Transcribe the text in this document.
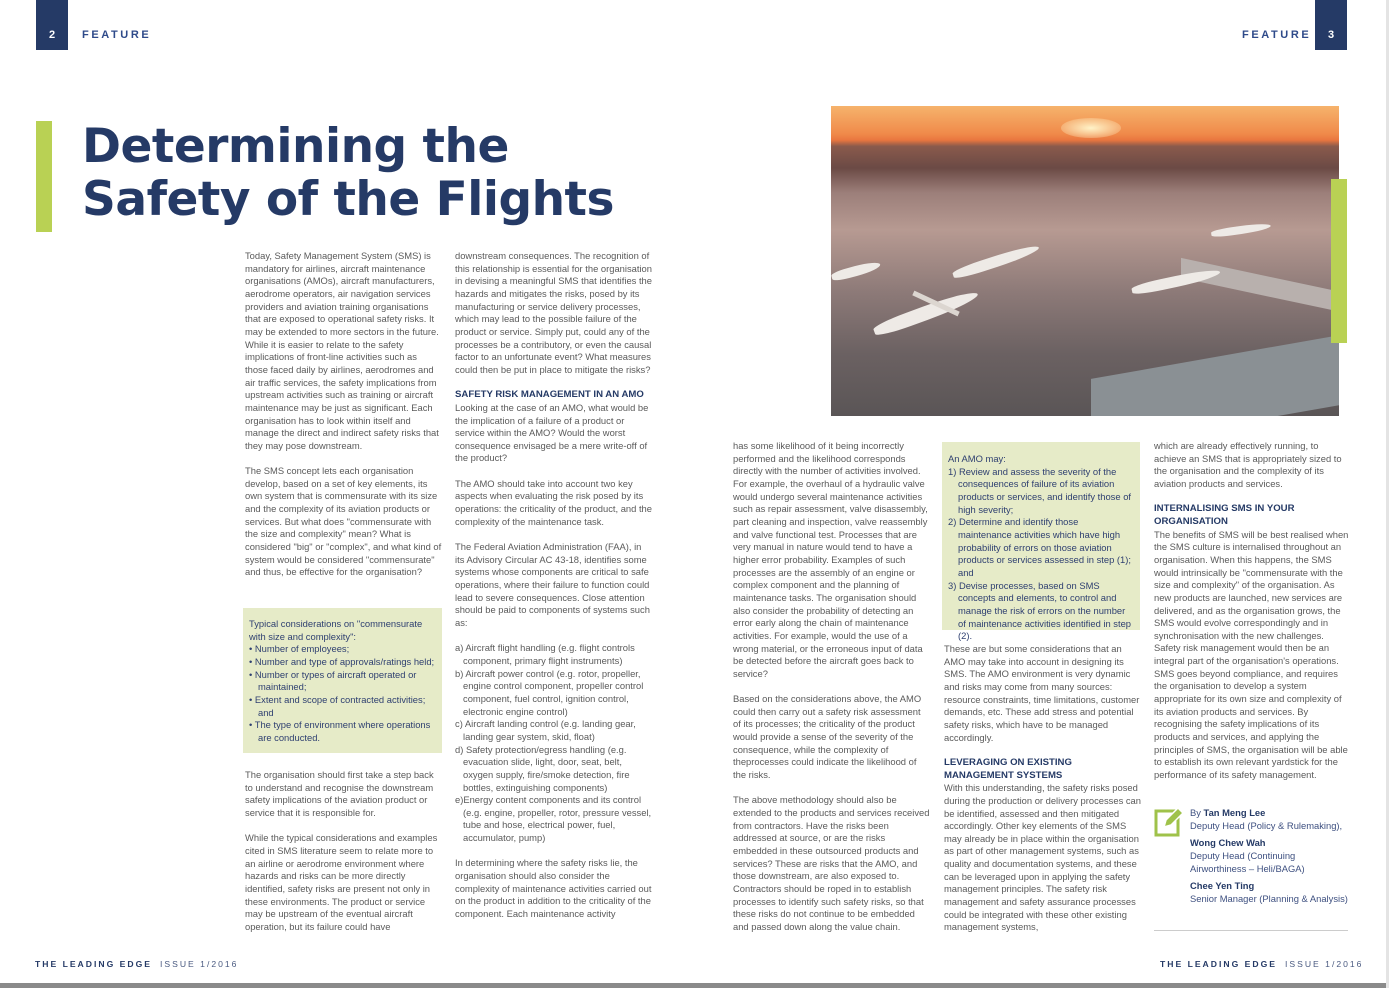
2	FEATURE	FEATURE	3
Determining the
Safety of the Flights

Today, Safety Management System (SMS) is mandatory for airlines, aircraft maintenance organisations (AMOs), aircraft manufacturers, aerodrome operators, air navigation services providers and aviation training organisations that are exposed to operational safety risks. It may be extended to more sectors in the future. While it is easier to relate to the safety implications of front-line activities such as those faced daily by airlines, aerodromes and air traffic services, the safety implications from upstream activities such as training or aircraft maintenance may be just as significant. Each organisation has to look within itself and manage the direct and indirect safety risks that they may pose downstream.

The SMS concept lets each organisation develop, based on a set of key elements, its own system that is commensurate with its size and the complexity of its aviation products or services. But what does "commensurate with the size and complexity" mean? What is considered "big" or "complex", and what kind of system would be considered "commensurate" and thus, be effective for the organisation?

Typical considerations on "commensurate with size and complexity":
• Number of employees;
• Number and type of approvals/ratings held;
• Number or types of aircraft operated or maintained;
• Extent and scope of contracted activities; and
• The type of environment where operations are conducted.

The organisation should first take a step back to understand and recognise the downstream safety implications of the aviation product or service that it is responsible for.

While the typical considerations and examples cited in SMS literature seem to relate more to an airline or aerodrome environment where hazards and risks can be more directly identified, safety risks are present not only in these environments. The product or service may be upstream of the eventual aircraft operation, but its failure could have

downstream consequences. The recognition of this relationship is essential for the organisation in devising a meaningful SMS that identifies the hazards and mitigates the risks, posed by its manufacturing or service delivery processes, which may lead to the possible failure of the product or service. Simply put, could any of the processes be a contributory, or even the causal factor to an unfortunate event? What measures could then be put in place to mitigate the risks?

SAFETY RISK MANAGEMENT IN AN AMO

Looking at the case of an AMO, what would be the implication of a failure of a product or service within the AMO? Would the worst consequence envisaged be a mere write-off of the product?

The AMO should take into account two key aspects when evaluating the risk posed by its operations: the criticality of the product, and the complexity of the maintenance task.

The Federal Aviation Administration (FAA), in its Advisory Circular AC 43-18, identifies some systems whose components are critical to safe operations, where their failure to function could lead to severe consequences. Close attention should be paid to components of systems such as:

a) Aircraft flight handling (e.g. flight controls component, primary flight instruments)
b) Aircraft power control (e.g. rotor, propeller, engine control component, propeller control component, fuel control, ignition control, electronic engine control)
c) Aircraft landing control (e.g. landing gear, landing gear system, skid, float)
d) Safety protection/egress handling (e.g. evacuation slide, light, door, seat, belt, oxygen supply, fire/smoke detection, fire bottles, extinguishing components)
e)Energy content components and its control (e.g. engine, propeller, rotor, pressure vessel, tube and hose, electrical power, fuel, accumulator, pump)

In determining where the safety risks lie, the organisation should also consider the complexity of maintenance activities carried out on the product in addition to the criticality of the component. Each maintenance activity

has some likelihood of it being incorrectly performed and the likelihood corresponds directly with the number of activities involved. For example, the overhaul of a hydraulic valve would undergo several maintenance activities such as repair assessment, valve disassembly, part cleaning and inspection, valve reassembly and valve functional test. Processes that are very manual in nature would tend to have a higher error probability. Examples of such processes are the assembly of an engine or complex component and the planning of maintenance tasks. The organisation should also consider the probability of detecting an error early along the chain of maintenance activities. For example, would the use of a wrong material, or the erroneous input of data be detected before the aircraft goes back to service?

Based on the considerations above, the AMO could then carry out a safety risk assessment of its processes; the criticality of the product would provide a sense of the severity of the consequence, while the complexity of theprocesses could indicate the likelihood of the risks.

The above methodology should also be extended to the products and services received from contractors. Have the risks been addressed at source, or are the risks embedded in these outsourced products and services? These are risks that the AMO, and those downstream, are also exposed to. Contractors should be roped in to establish processes to identify such safety risks, so that these risks do not continue to be embedded and passed down along the value chain.

An AMO may:
1) Review and assess the severity of the consequences of failure of its aviation products or services, and identify those of high severity;
2) Determine and identify those maintenance activities which have high probability of errors on those aviation products or services assessed in step (1); and
3) Devise processes, based on SMS concepts and elements, to control and manage the risk of errors on the number of maintenance activities identified in step (2).

These are but some considerations that an AMO may take into account in designing its SMS. The AMO environment is very dynamic and risks may come from many sources: resource constraints, time limitations, customer demands, etc. These add stress and potential safety risks, which have to be managed accordingly.

LEVERAGING ON EXISTING MANAGEMENT SYSTEMS

With this understanding, the safety risks posed during the production or delivery processes can be identified, assessed and then mitigated accordingly. Other key elements of the SMS may already be in place within the organisation as part of other management systems, such as quality and documentation systems, and these can be leveraged upon in applying the safety management principles. The safety risk management and safety assurance processes could be integrated with these other existing management systems,

which are already effectively running, to achieve an SMS that is appropriately sized to the organisation and the complexity of its aviation products and services.

INTERNALISING SMS IN YOUR ORGANISATION

The benefits of SMS will be best realised when the SMS culture is internalised throughout an organisation. When this happens, the SMS would intrinsically be "commensurate with the size and complexity" of the organisation. As new products are launched, new services are delivered, and as the organisation grows, the SMS would evolve correspondingly and in synchronisation with the new challenges. Safety risk management would then be an integral part of the organisation's operations. SMS goes beyond compliance, and requires the organisation to develop a system appropriate for its own size and complexity of its aviation products and services. By recognising the safety implications of its products and services, and applying the principles of SMS, the organisation will be able to establish its own relevant yardstick for the performance of its safety management.

By Tan Meng Lee
Deputy Head (Policy & Rulemaking),
Wong Chew Wah
Deputy Head (Continuing Airworthiness – Heli/BAGA)
Chee Yen Ting
Senior Manager (Planning & Analysis)
THE LEADING EDGE ISSUE 1/2016	THE LEADING EDGE ISSUE 1/2016
